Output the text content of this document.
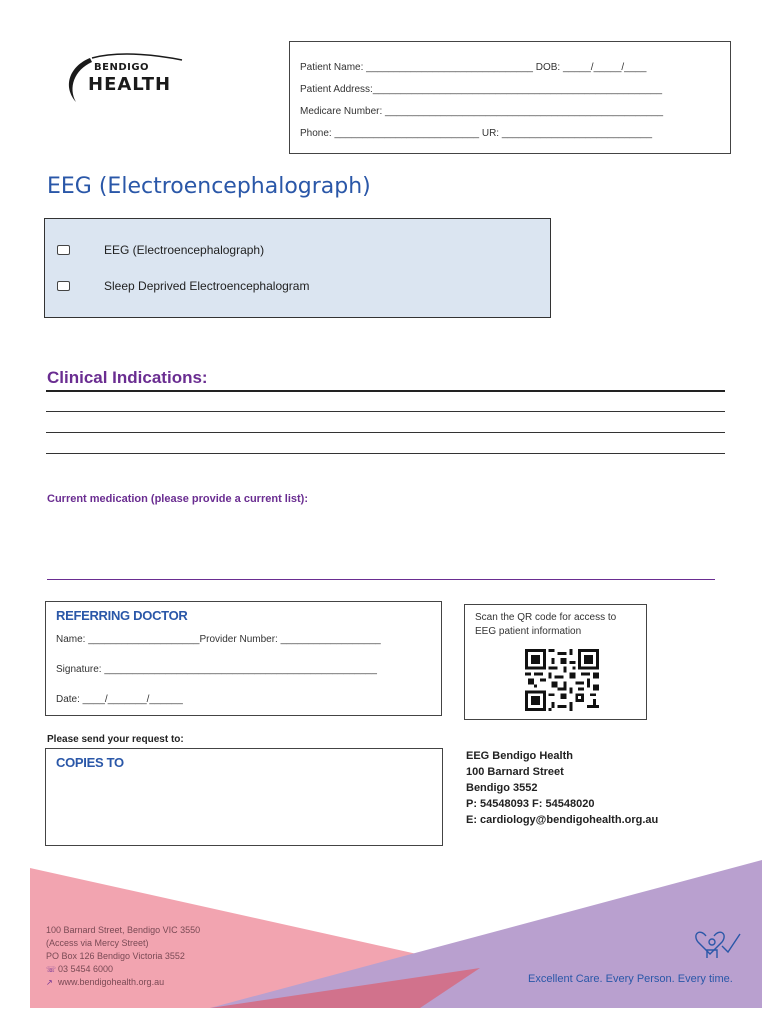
BENDIGO
HEALTH
Patient Name: ______________________________ DOB: _____/_____/____
Patient Address:____________________________________________________
Medicare Number: __________________________________________________
Phone: __________________________ UR: ___________________________
EEG (Electroencephalograph)
EEG (Electroencephalograph)
Sleep Deprived Electroencephalogram
Clinical Indications:
Current medication (please provide a current list):
REFERRING DOCTOR
Name: ____________________Provider Number: __________________
Signature: _________________________________________________
Date: ____/_______/______
Scan the QR code for access to EEG patient information
Please send your request to:
COPIES TO	EEG Bendigo Health
100 Barnard Street
Bendigo 3552
P: 54548093 F: 54548020
E: cardiology@bendigohealth.org.au
100 Barnard Street, Bendigo VIC 3550
(Access via Mercy Street)
PO Box 126 Bendigo Victoria 3552
☏ 03 5454 6000
↗ www.bendigohealth.org.au	Excellent Care. Every Person. Every time.
